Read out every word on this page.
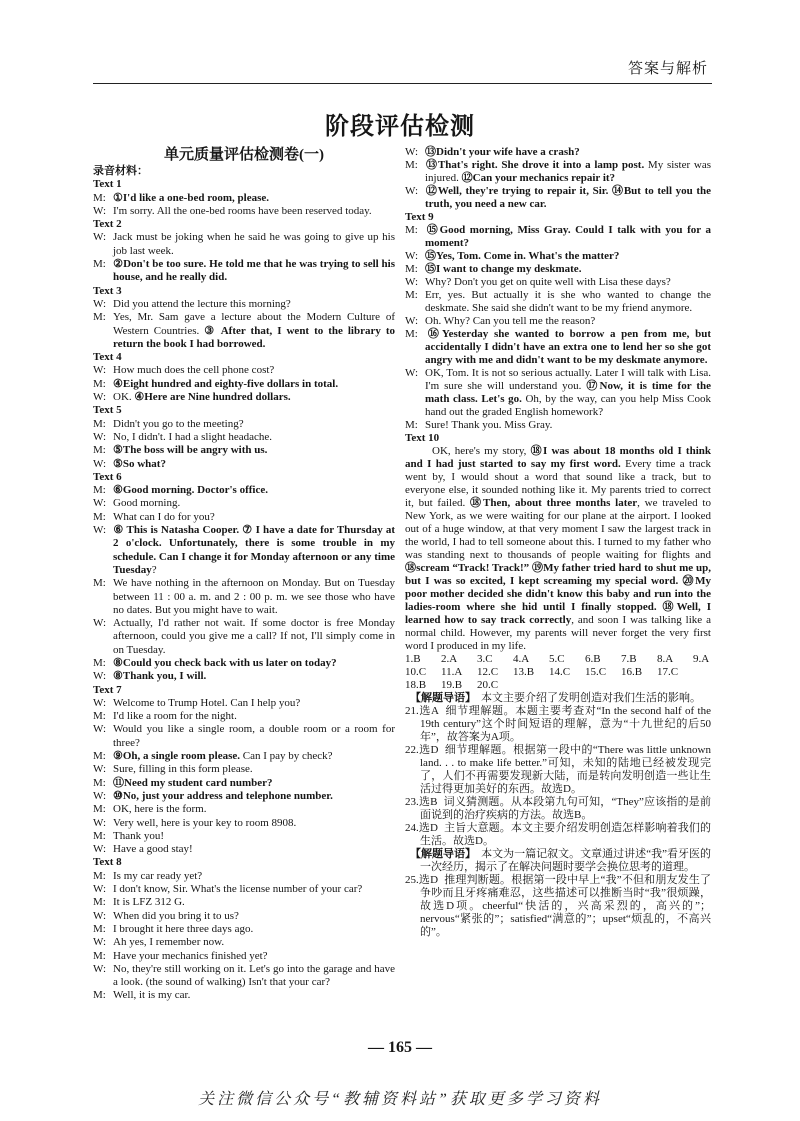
答案与解析
阶段评估检测
单元质量评估检测卷(一)
录音材料：
Text 1
M: ①I'd like a one-bed room, please.
W: I'm sorry. All the one-bed rooms have been reserved today.
Text 2
W: Jack must be joking when he said he was going to give up his job last week.
M: ②Don't be too sure. He told me that he was trying to sell his house, and he really did.
Text 3
W: Did you attend the lecture this morning?
M: Yes, Mr. Sam gave a lecture about the Modern Culture of Western Countries. ③ After that, I went to the library to return the book I had borrowed.
Text 4
W: How much does the cell phone cost?
M: ④Eight hundred and eighty-five dollars in total.
W: OK. ④Here are Nine hundred dollars.
Text 5
M: Didn't you go to the meeting?
W: No, I didn't. I had a slight headache.
M: ⑤The boss will be angry with us.
W: ⑤So what?
Text 6
M: ⑥Good morning. Doctor's office.
W: Good morning.
M: What can I do for you?
W: ⑥ This is Natasha Cooper. ⑦ I have a date for Thursday at 2 o'clock. Unfortunately, there is some trouble in my schedule. Can I change it for Monday afternoon or any time Tuesday?
M: We have nothing in the afternoon on Monday. But on Tuesday between 11 : 00 a. m. and 2 : 00 p. m. we see those who have no dates. But you might have to wait.
W: Actually, I'd rather not wait. If some doctor is free Monday afternoon, could you give me a call? If not, I'll simply come in on Tuesday.
M: ⑧Could you check back with us later on today?
W: ⑧Thank you, I will.
Text 7
W: Welcome to Trump Hotel. Can I help you?
M: I'd like a room for the night.
W: Would you like a single room, a double room or a room for three?
M: ⑨Oh, a single room please. Can I pay by check?
W: Sure, filling in this form please.
M: ⑪Need my student card number?
W: ⑩No, just your address and telephone number.
M: OK, here is the form.
W: Very well, here is your key to room 8908.
M: Thank you!
W: Have a good stay!
Text 8
M: Is my car ready yet?
W: I don't know, Sir. What's the license number of your car?
M: It is LFZ 312 G.
W: When did you bring it to us?
M: I brought it here three days ago.
W: Ah yes, I remember now.
M: Have your mechanics finished yet?
W: No, they're still working on it. Let's go into the garage and have a look. (the sound of walking) Isn't that your car?
M: Well, it is my car.
W: ⑬Didn't your wife have a crash?
M: ⑬That's right. She drove it into a lamp post. My sister was injured. ⑫Can your mechanics repair it?
W: ⑫Well, they're trying to repair it, Sir. ⑭But to tell you the truth, you need a new car.
Text 9
M: ⑮Good morning, Miss Gray. Could I talk with you for a moment?
W: ⑮Yes, Tom. Come in. What's the matter?
M: ⑮I want to change my deskmate.
W: Why? Don't you get on quite well with Lisa these days?
M: Err, yes. But actually it is she who wanted to change the deskmate. She said she didn't want to be my friend anymore.
W: Oh. Why? Can you tell me the reason?
M: ⑯Yesterday she wanted to borrow a pen from me, but accidentally I didn't have an extra one to lend her so she got angry with me and didn't want to be my deskmate anymore.
W: OK, Tom. It is not so serious actually. Later I will talk with Lisa. I'm sure she will understand you. ⑰Now, it is time for the math class. Let's go. Oh, by the way, can you help Miss Cook hand out the graded English homework?
M: Sure! Thank you. Miss Gray.
Text 10
OK, here's my story, ⑱I was about 18 months old I think and I had just started to say my first word. Every time a track went by, I would shout a word that sound like a track, but to everyone else, it sounded nothing like it. My parents tried to correct it, but failed. ⑱Then, about three months later, we traveled to New York, as we were waiting for our plane at the airport. I looked out of a huge window, at that very moment I saw the largest track in the world, I had to tell someone about this. I turned to my father who was standing next to thousands of people waiting for flights and ⑱scream “Track! Track!” ⑲My father tried hard to shut me up, but I was so excited, I kept screaming my special word. ⑳My poor mother decided she didn't know this baby and run into the ladies-room where she hid until I finally stopped. ⑱Well, I learned how to say track correctly, and soon I was talking like a normal child. However, my parents will never forget the very first word I produced in my life.
1.B	2.A	3.C	4.A	5.C	6.B	7.B	8.A	9.A
10.C	11.A	12.C	13.B	14.C	15.C	16.B	17.C
18.B	19.B	20.C
【解题导语】 本文主要介绍了发明创造对我们生活的影响。
21.选A 细节理解题。本题主要考查对“In the second half of the 19th century”这个时间短语的理解，意为“十九世纪的后50年”，故答案为A项。
22.选D 细节理解题。根据第一段中的“There was little unknown land. . . to make life better.”可知，未知的陆地已经被发现完了，人们不再需要发现新大陆，而是转向发明创造一些让生活过得更加美好的东西。故选D。
23.选B 词义猜测题。从本段第九句可知，“They”应该指的是前面说到的治疗疾病的方法。故选B。
24.选D 主旨大意题。本文主要介绍发明创造怎样影响着我们的生活。故选D。
【解题导语】 本文为一篇记叙文。文章通过讲述“我”看牙医的一次经历，揭示了在解决问题时要学会换位思考的道理。
25.选D 推理判断题。根据第一段中早上“我”不但和朋友发生了争吵而且牙疼痛难忍，这些描述可以推断当时“我”很烦躁，故选D项。cheerful“快活的，兴高采烈的，高兴的”；nervous“紧张的”；satisfied“满意的”；upset“烦乱的，不高兴的”。
— 165 —
关注微信公众号“教辅资料站”获取更多学习资料
